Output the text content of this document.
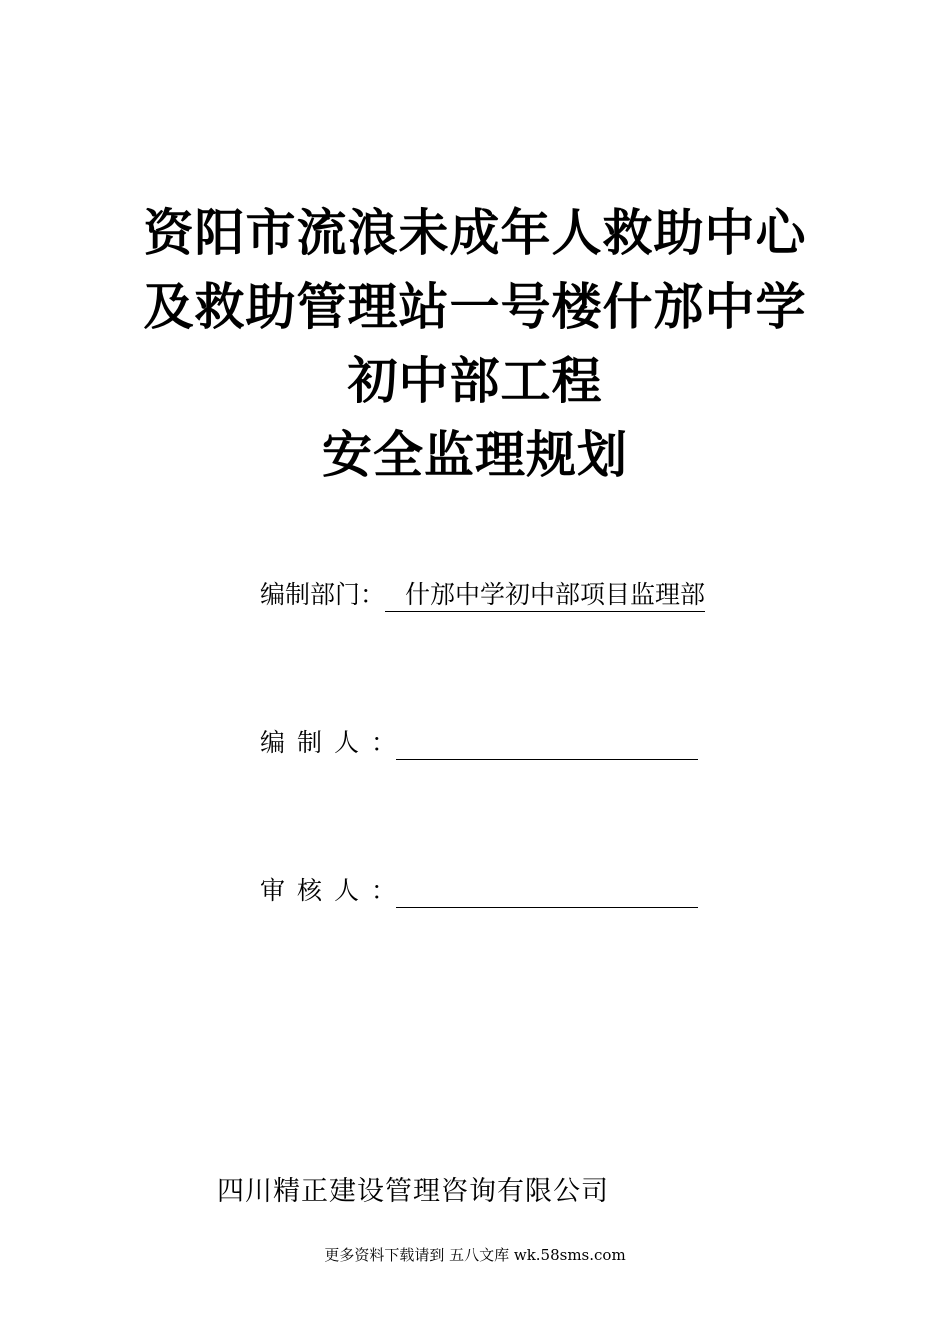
资阳市流浪未成年人救助中心
及救助管理站一号楼什邡中学
初中部工程
安全监理规划
编制部门 ： 什邡中学初中部项目监理部
编制人 ：
审核人 ：
四川精正建设管理咨询有限公司
更多资料下载请到 五八文库 wk.58sms.com
